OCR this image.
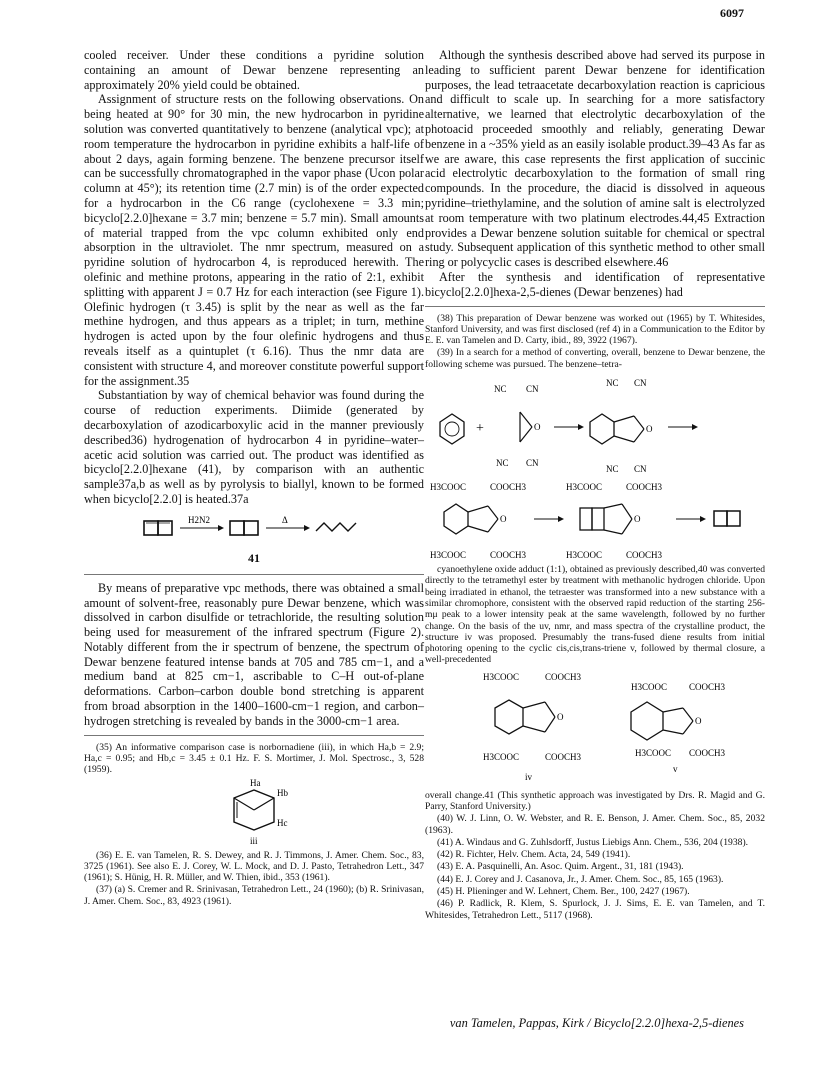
6097

cooled receiver. Under these conditions a pyridine solution containing an amount of Dewar benzene representing an approximately 20% yield could be obtained.

Assignment of structure rests on the following observations. On being heated at 90° for 30 min, the new hydrocarbon in pyridine solution was converted quantitatively to benzene (analytical vpc); at room temperature the hydrocarbon in pyridine exhibits a half-life of about 2 days, again forming benzene. The benzene precursor itself can be successfully chromatographed in the vapor phase (Ucon polar column at 45°); its retention time (2.7 min) is of the order expected for a hydrocarbon in the C6 range (cyclohexene = 3.3 min; bicyclo[2.2.0]hexane = 3.7 min; benzene = 5.7 min). Small amounts of material trapped from the vpc column exhibited only end absorption in the ultraviolet. The nmr spectrum, measured on a pyridine solution of hydrocarbon 4, is reproduced herewith. The olefinic and methine protons, appearing in the ratio of 2:1, exhibit splitting with apparent J = 0.7 Hz for each interaction (see Figure 1). Olefinic hydrogen (τ 3.45) is split by the near as well as the far methine hydrogen, and thus appears as a triplet; in turn, methine hydrogen is acted upon by the four olefinic hydrogens and thus reveals itself as a quintuplet (τ 6.16). Thus the nmr data are consistent with structure 4, and moreover constitute powerful support for the assignment.35

Substantiation by way of chemical behavior was found during the course of reduction experiments. Diimide (generated by decarboxylation of azodicarboxylic acid in the manner previously described36) hydrogenation of hydrocarbon 4 in pyridine–water–acetic acid solution was carried out. The product was identified as bicyclo[2.2.0]hexane (41), by comparison with an authentic sample37a,b as well as by pyrolysis to biallyl, known to be formed when bicyclo[2.2.0] is heated.37a

H2N2	Δ
41

By means of preparative vpc methods, there was obtained a small amount of solvent-free, reasonably pure Dewar benzene, which was dissolved in carbon disulfide or tetrachloride, the resulting solution being used for measurement of the infrared spectrum (Figure 2). Notably different from the ir spectrum of benzene, the spectrum of Dewar benzene featured intense bands at 705 and 785 cm−1, and a medium band at 825 cm−1, ascribable to C–H out-of-plane deformations. Carbon–carbon double bond stretching is apparent from broad absorption in the 1400–1600-cm−1 region, and carbon–hydrogen stretching is revealed by bands in the 3000-cm−1 area.

(35) An informative comparison case is norbornadiene (iii), in which Ha,b = 2.9; Ha,c = 0.95; and Hb,c = 3.45 ± 0.1 Hz. F. S. Mortimer, J. Mol. Spectrosc., 3, 528 (1959).

Ha
Hb
Hc
iii

(36) E. E. van Tamelen, R. S. Dewey, and R. J. Timmons, J. Amer. Chem. Soc., 83, 3725 (1961). See also E. J. Corey, W. L. Mock, and D. J. Pasto, Tetrahedron Lett., 347 (1961); S. Hünig, H. R. Müller, and W. Thien, ibid., 353 (1961).

(37) (a) S. Cremer and R. Srinivasan, Tetrahedron Lett., 24 (1960); (b) R. Srinivasan, J. Amer. Chem. Soc., 83, 4923 (1961).

Although the synthesis described above had served its purpose in leading to sufficient parent Dewar benzene for identification purposes, the lead tetraacetate decarboxylation reaction is capricious and difficult to scale up. In searching for a more satisfactory alternative, we learned that electrolytic decarboxylation of the photoacid proceeded smoothly and reliably, generating Dewar benzene in a ~35% yield as an easily isolable product.39–43 As far as we are aware, this case represents the first application of succinic acid electrolytic decarboxylation to the formation of small ring compounds. In the procedure, the diacid is dissolved in aqueous pyridine–triethylamine, and the solution of amine salt is electrolyzed at room temperature with two platinum electrodes.44,45 Extraction provides a Dewar benzene solution suitable for chemical or spectral study. Subsequent application of this synthetic method to other small ring or polycyclic cases is described elsewhere.46

After the synthesis and identification of representative bicyclo[2.2.0]hexa-2,5-dienes (Dewar benzenes) had

(38) This preparation of Dewar benzene was worked out (1965) by T. Whitesides, Stanford University, and was first disclosed (ref 4) in a Communication to the Editor by E. E. van Tamelen and D. Carty, ibid., 89, 3922 (1967).

(39) In a search for a method of converting, overall, benzene to Dewar benzene, the following scheme was pursued. The benzene–tetra-

+	O
NC CN
NC CN
O
NC CN
NC CN
H3COOC	COOCH3
O
H3COOC	COOCH3
H3COOC	COOCH3
O
H3COOC	COOCH3

cyanoethylene oxide adduct (1:1), obtained as previously described,40 was converted directly to the tetramethyl ester by treatment with methanolic hydrogen chloride. Upon being irradiated in ethanol, the tetraester was transformed into a new substance with a similar chromophore, consistent with the observed rapid reduction of the starting 256-mμ peak to a lower intensity peak at the same wavelength, followed by no further change. On the basis of the uv, nmr, and mass spectra of the crystalline product, the structure iv was proposed. Presumably the trans-fused diene results from initial photoring opening to the cyclic cis,cis,trans-triene v, followed by thermal closure, a well-precedented

H3COOC	COOCH3
O
H3COOC	COOCH3
iv
H3COOC COOCH3
O
H3COOC COOCH3
v

overall change.41 (This synthetic approach was investigated by Drs. R. Magid and G. Parry, Stanford University.)

(40) W. J. Linn, O. W. Webster, and R. E. Benson, J. Amer. Chem. Soc., 85, 2032 (1963).

(41) A. Windaus and G. Zuhlsdorff, Justus Liebigs Ann. Chem., 536, 204 (1938).

(42) R. Fichter, Helv. Chem. Acta, 24, 549 (1941).

(43) E. A. Pasquinelli, An. Asoc. Quim. Argent., 31, 181 (1943).

(44) E. J. Corey and J. Casanova, Jr., J. Amer. Chem. Soc., 85, 165 (1963).

(45) H. Plieninger and W. Lehnert, Chem. Ber., 100, 2427 (1967).

(46) P. Radlick, R. Klem, S. Spurlock, J. J. Sims, E. E. van Tamelen, and T. Whitesides, Tetrahedron Lett., 5117 (1968).

van Tamelen, Pappas, Kirk / Bicyclo[2.2.0]hexa-2,5-dienes
